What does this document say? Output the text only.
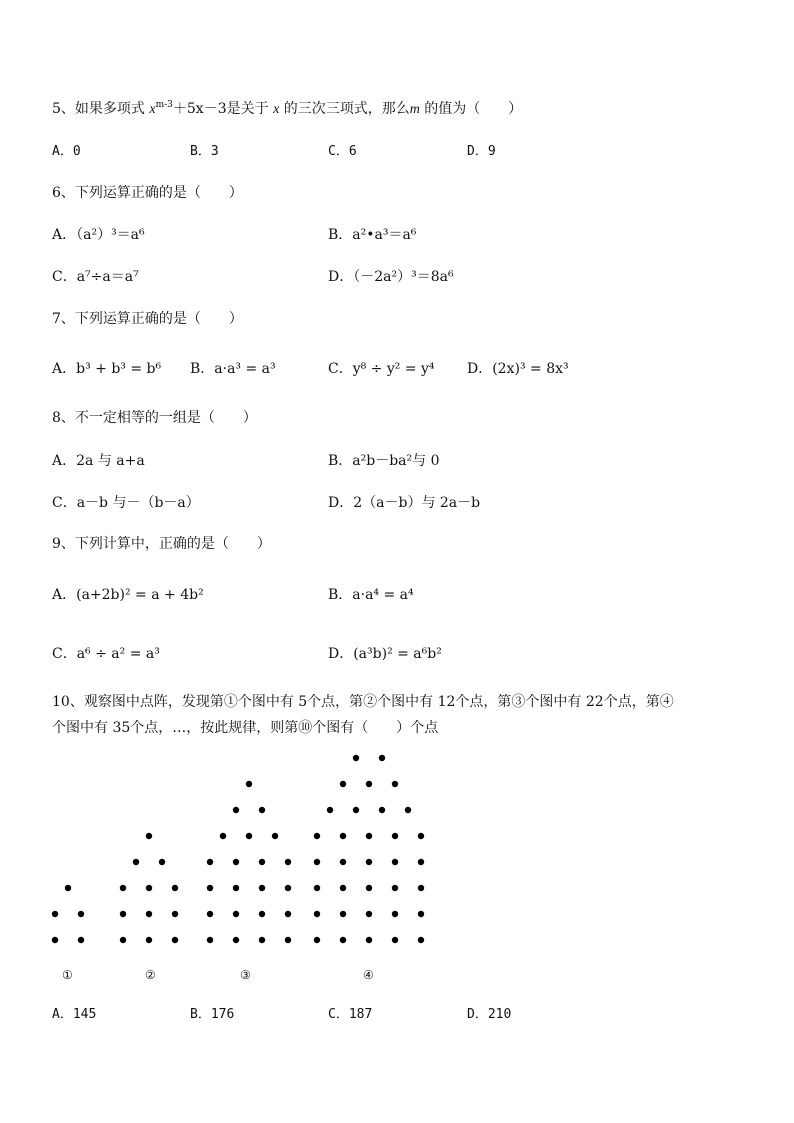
5、如果多项式 $x^{m-3}+5x-3$是关于 x 的三次三项式，那么m 的值为（　　）
A．0	B．3	C．6	D．9
6、下列运算正确的是（　　）
A．（a²）³＝a⁶	B．a²•a³＝a⁶
C．a⁷÷a＝a⁷	D．（－2a²）³＝8a⁶
7、下列运算正确的是（　　）
A．b³ + b³ = b⁶ B．a·a³ = a³	C．y⁸ ÷ y² = y⁴ D．(2x)³ = 8x³
8、不一定相等的一组是（　　）
A．2a 与 a+a	B．a²b－ba²与 0
C．a－b 与－（b－a）	D．2（a－b）与 2a－b
9、下列计算中，正确的是（　　）
A．(a+2b)² = a + 4b²	B．a·a⁴ = a⁴
C．a⁶ ÷ a² = a³	D．(a³b)² = a⁶b²
10、观察图中点阵，发现第①个图中有 5个点，第②个图中有 12个点，第③个图中有 22个点，第④
个图中有 35个点，…，按此规律，则第⑩个图有（　　）个点
①	②	③	④
A．145	B．176	C．187	D．210
